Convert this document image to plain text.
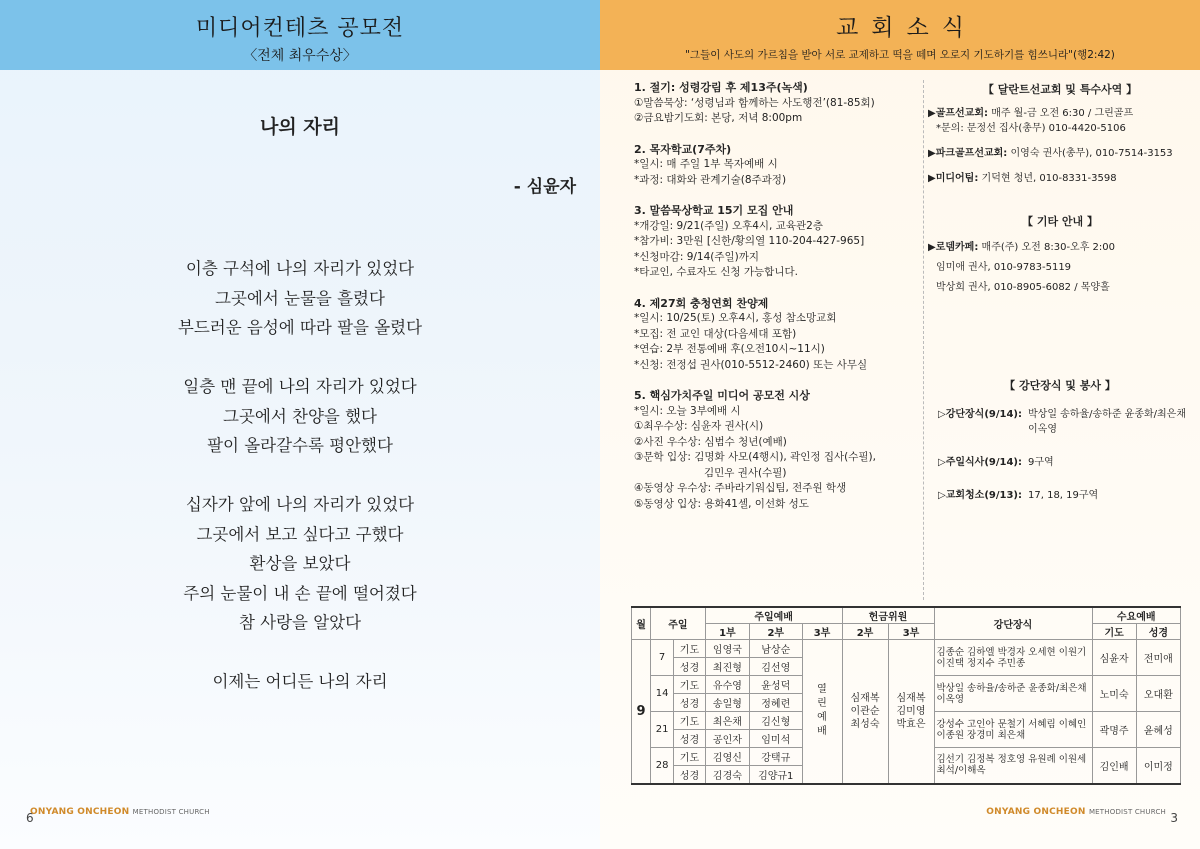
미디어컨테츠 공모전
〈전체 최우수상〉
나의 자리
- 심윤자
이층 구석에 나의 자리가 있었다
그곳에서 눈물을 흘렸다
부드러운 음성에 따라 팔을 올렸다
일층 맨 끝에 나의 자리가 있었다
그곳에서 찬양을 했다
팔이 올라갈수록 평안했다
십자가 앞에 나의 자리가 있었다
그곳에서 보고 싶다고 구했다
환상을 보았다
주의 눈물이 내 손 끝에 떨어졌다
참 사랑을 알았다
이제는 어디든 나의 자리
ONYANG ONCHEON METHODIST CHURCH
6
교회소식
"그들이 사도의 가르침을 받아 서로 교제하고 떡을 떼며 오로지 기도하기를 힘쓰니라"(행2:42)
1. 절기: 성령강림 후 제13주(녹색)
①말씀묵상: ‘성령님과 함께하는 사도행전’(81-85회)
②금요밤기도회: 본당, 저녁 8:00pm
2. 목자학교(7주차)
*일시: 매 주일 1부 목자예배 시
*과정: 대화와 관계기술(8주과정)
3. 말씀묵상학교 15기 모집 안내
*개강일: 9/21(주일) 오후4시, 교육관2층
*참가비: 3만원 [신한/황의열 110-204-427-965]
*신청마감: 9/14(주일)까지
*타교인, 수료자도 신청 가능합니다.
4. 제27회 충청연회 찬양제
*일시: 10/25(토) 오후4시, 홍성 참소망교회
*모집: 전 교인 대상(다음세대 포함)
*연습: 2부 전통예배 후(오전10시~11시)
*신청: 전정섭 권사(010-5512-2460) 또는 사무실
5. 핵심가치주일 미디어 공모전 시상
*일시: 오늘 3부예배 시
①최우수상: 심윤자 권사(시)
②사진 우수상: 심범수 청년(예배)
③문학 입상: 김명화 사모(4행시), 곽인정 집사(수필),
김민우 권사(수필)
④동영상 우수상: 주바라기워십팀, 전주원 학생
⑤동영상 입상: 용화41셀, 이선화 성도
【 달란트선교회 및 특수사역 】
▶골프선교회: 매주 월-금 오전 6:30 / 그린골프
*문의: 문정선 집사(총무) 010-4420-5106
▶파크골프선교회: 이영숙 권사(총무), 010-7514-3153
▶미디어팀: 기덕현 청년, 010-8331-3598
【 기타 안내 】
▶로뎀카페: 매주(주) 오전 8:30-오후 2:00
임미애 권사, 010-9783-5119
박상희 권사, 010-8905-6082 / 목양홀
【 강단장식 및 봉사 】
▷강단장식(9/14): 박상일 송하율/송하준 윤종화/최은채 이옥영
▷주일식사(9/14): 9구역
▷교회청소(9/13): 17, 18, 19구역
월	주일		주일예배			헌금위원		강단장식	수요예배	
			1부	2부	3부	2부	3부		기도	성경
9	7	기도	임영국	남상순	열린예배	심재복 이관순 최성숙	심재복 김미영 박효은	김종순 김하엘 박경자 오세현 이원기 이진택 정지수 주민종	심윤자	전미애
		성경	최진형	김선영						
	14	기도	유수영	윤성덕				박상일 송하율/송하준 윤종화/최은채 이옥영	노미숙	오대환
		성경	송일형	정혜련						
	21	기도	최은채	김신형				강성수 고인아 문철기 서혜림 이혜인 이종원 장경미 최은채	곽명주	윤혜성
		성경	공인자	임미석						
	28	기도	김영신	강택규				김선기 김정복 정호영 유원례 이원세 최석/이해옥	김인배	이미정
		성경	김경숙	김양규1						
ONYANG ONCHEON METHODIST CHURCH 3
